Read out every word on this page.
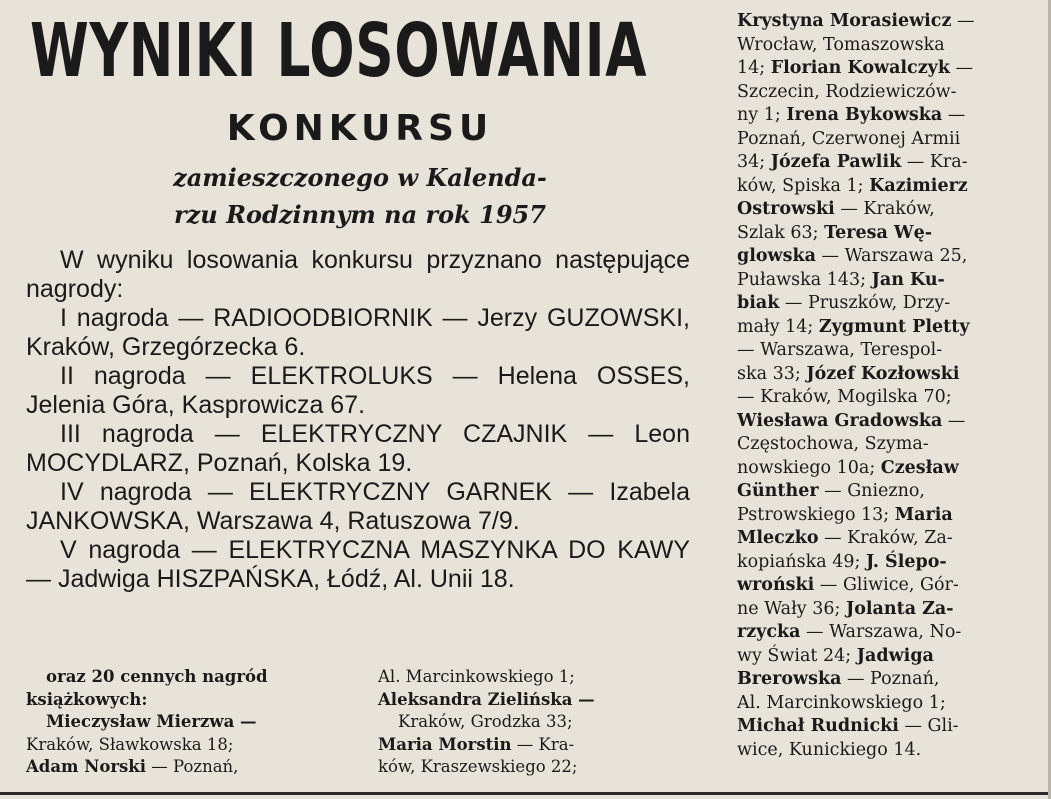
WYNIKI LOSOWANIA
KONKURSU
zamieszczonego w Kalenda-
rzu Rodzinnym na rok 1957

W wyniku losowania konkursu przyznano następujące nagrody:

I nagroda — RADIOODBIORNIK — Jerzy GUZOWSKI, Kraków, Grzegórzecka 6.

II nagroda — ELEKTROLUKS — Helena OSSES, Jelenia Góra, Kasprowicza 67.

III nagroda — ELEKTRYCZNY CZAJNIK — Leon MOCYDLARZ, Poznań, Kolska 19.

IV nagroda — ELEKTRYCZNY GARNEK — Izabela JANKOWSKA, Warszawa 4, Ratuszowa 7/9.

V nagroda — ELEKTRYCZNA MASZYNKA DO KAWY — Jadwiga HISZPAŃSKA, Łódź, Al. Unii 18.

oraz 20 cennych nagród
książkowych:
Mieczysław Mierzwa —
Kraków, Sławkowska 18;
Adam Norski — Poznań,
Al. Marcinkowskiego 1;
Aleksandra Zielińska —
Kraków, Grodzka 33;
Maria Morstin — Kra-
ków, Kraszewskiego 22;
Krystyna Morasiewicz —
Wrocław, Tomaszowska
14; Florian Kowalczyk —
Szczecin, Rodziewiczów-
ny 1; Irena Bykowska —
Poznań, Czerwonej Armii
34; Józefa Pawlik — Kra-
ków, Spiska 1; Kazimierz
Ostrowski — Kraków,
Szlak 63; Teresa Wę-
glowska — Warszawa 25,
Puławska 143; Jan Ku-
biak — Pruszków, Drzy-
mały 14; Zygmunt Pletty
— Warszawa, Terespol-
ska 33; Józef Kozłowski
— Kraków, Mogilska 70;
Wiesława Gradowska —
Częstochowa, Szyma-
nowskiego 10a; Czesław
Günther — Gniezno,
Pstrowskiego 13; Maria
Mleczko — Kraków, Za-
kopiańska 49; J. Ślepo-
wroński — Gliwice, Gór-
ne Wały 36; Jolanta Za-
rzycka — Warszawa, No-
wy Świat 24; Jadwiga
Brerowska — Poznań,
Al. Marcinkowskiego 1;
Michał Rudnicki — Gli-
wice, Kunickiego 14.
